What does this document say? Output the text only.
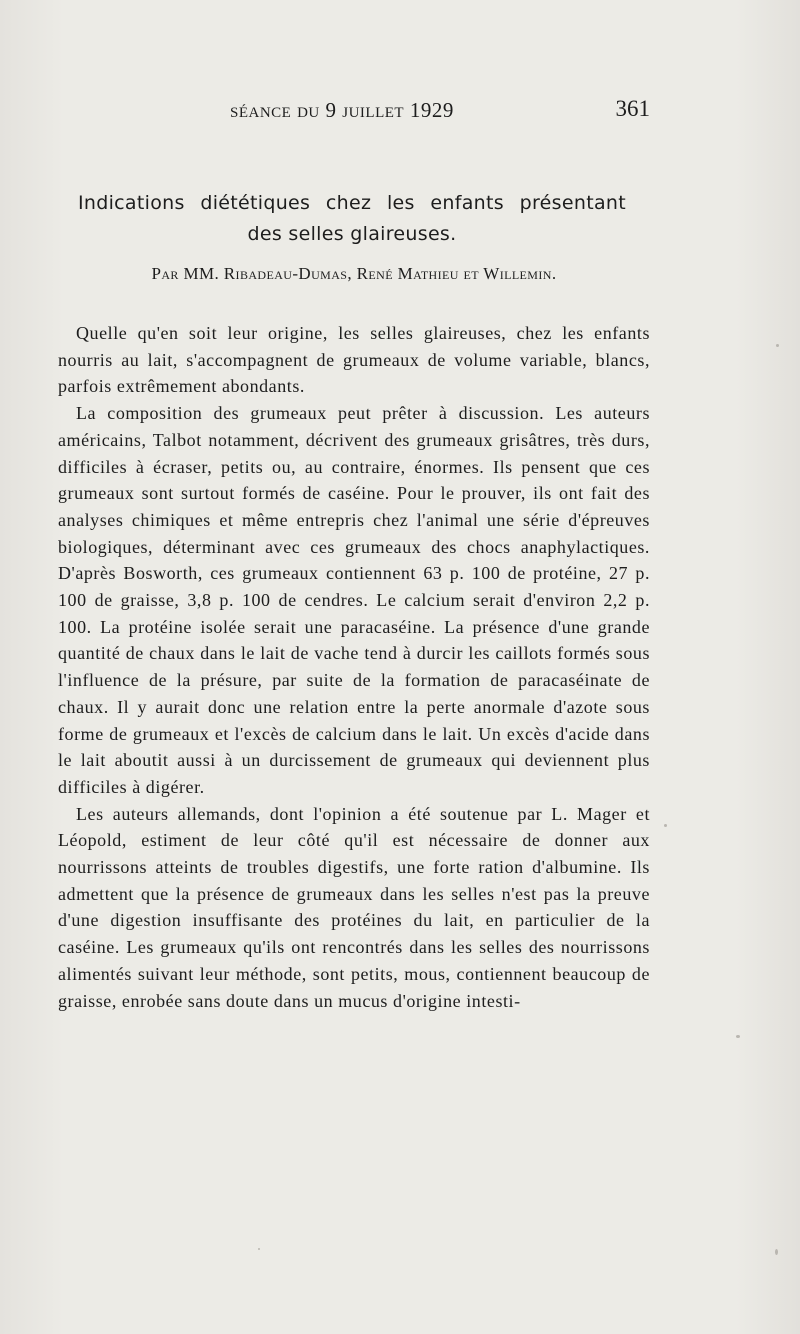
séance du 9 juillet 1929	361
Indications diététiques chez les enfants présentant
des selles glaireuses.
Par MM. Ribadeau-Dumas, René Mathieu et Willemin.

Quelle qu'en soit leur origine, les selles glaireuses, chez les enfants nourris au lait, s'accompagnent de grumeaux de volume variable, blancs, parfois extrêmement abondants.

La composition des grumeaux peut prêter à discussion. Les auteurs américains, Talbot notamment, décrivent des grumeaux grisâtres, très durs, difficiles à écraser, petits ou, au contraire, énormes. Ils pensent que ces grumeaux sont surtout formés de caséine. Pour le prouver, ils ont fait des analyses chimiques et même entrepris chez l'animal une série d'épreuves biologiques, déterminant avec ces grumeaux des chocs anaphylactiques. D'après Bosworth, ces grumeaux contiennent 63 p. 100 de protéine, 27 p. 100 de graisse, 3,8 p. 100 de cendres. Le calcium serait d'environ 2,2 p. 100. La protéine isolée serait une paracaséine. La présence d'une grande quantité de chaux dans le lait de vache tend à durcir les caillots formés sous l'influence de la présure, par suite de la formation de paracaséinate de chaux. Il y aurait donc une relation entre la perte anormale d'azote sous forme de grumeaux et l'excès de calcium dans le lait. Un excès d'acide dans le lait aboutit aussi à un durcissement de grumeaux qui deviennent plus difficiles à digérer.

Les auteurs allemands, dont l'opinion a été soutenue par L. Mager et Léopold, estiment de leur côté qu'il est nécessaire de donner aux nourrissons atteints de troubles digestifs, une forte ration d'albumine. Ils admettent que la présence de grumeaux dans les selles n'est pas la preuve d'une digestion insuffisante des protéines du lait, en particulier de la caséine. Les grumeaux qu'ils ont rencontrés dans les selles des nourrissons alimentés suivant leur méthode, sont petits, mous, contiennent beaucoup de graisse, enrobée sans doute dans un mucus d'origine intesti-
